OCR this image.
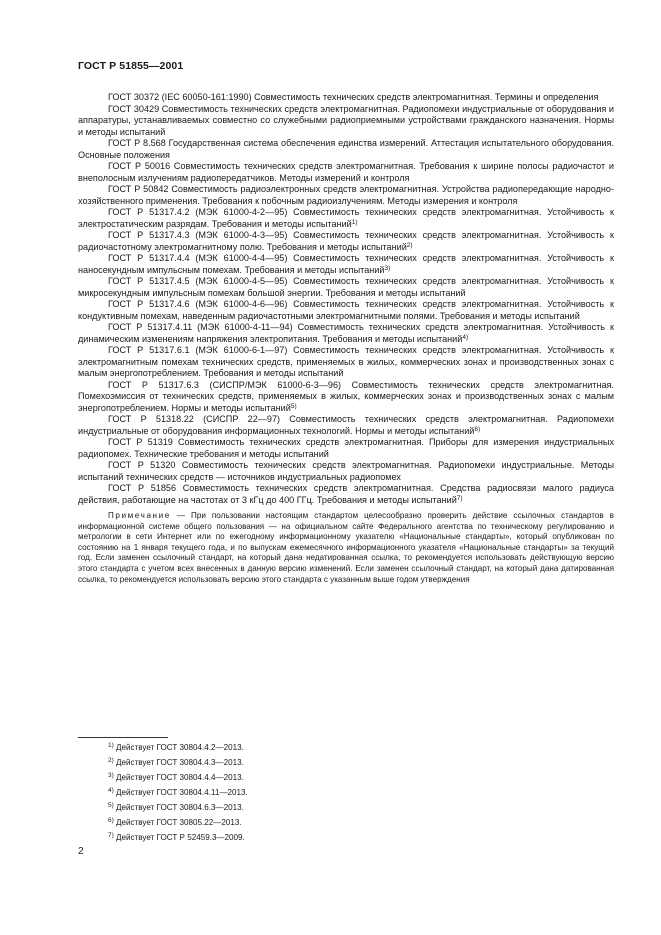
ГОСТ Р 51855—2001

ГОСТ 30372 (IEC 60050-161:1990) Совместимость технических средств электромагнитная. Термины и определения

ГОСТ 30429 Совместимость технических средств электромагнитная. Радиопомехи индустриальные от оборудования и аппаратуры, устанавливаемых совместно со служебными радиоприемными устройствами гражданского назначения. Нормы и методы испытаний

ГОСТ Р 8.568 Государственная система обеспечения единства измерений. Аттестация испытательного оборудования. Основные положения

ГОСТ Р 50016 Совместимость технических средств электромагнитная. Требования к ширине полосы радиочастот и внеполосным излучениям радиопередатчиков. Методы измерений и контроля

ГОСТ Р 50842 Совместимость радиоэлектронных средств электромагнитная. Устройства радиопередающие народно-хозяйственного применения. Требования к побочным радиоизлучениям. Методы измерения и контроля

ГОСТ Р 51317.4.2 (МЭК 61000-4-2—95) Совместимость технических средств электромагнитная. Устойчивость к электростатическим разрядам. Требования и методы испытаний$^{1)}$

ГОСТ Р 51317.4.3 (МЭК 61000-4-3—95) Совместимость технических средств электромагнитная. Устойчивость к радиочастотному электромагнитному полю. Требования и методы испытаний$^{2)}$

ГОСТ Р 51317.4.4 (МЭК 61000-4-4—95) Совместимость технических средств электромагнитная. Устойчивость к наносекундным импульсным помехам. Требования и методы испытаний$^{3)}$

ГОСТ Р 51317.4.5 (МЭК 61000-4-5—95) Совместимость технических средств электромагнитная. Устойчивость к микросекундным импульсным помехам большой энергии. Требования и методы испытаний

ГОСТ Р 51317.4.6 (МЭК 61000-4-6—96) Совместимость технических средств электромагнитная. Устойчивость к кондуктивным помехам, наведенным радиочастотными электромагнитными полями. Требования и методы испытаний

ГОСТ Р 51317.4.11 (МЭК 61000-4-11—94) Совместимость технических средств электромагнитная. Устойчивость к динамическим изменениям напряжения электропитания. Требования и методы испытаний$^{4)}$

ГОСТ Р 51317.6.1 (МЭК 61000-6-1—97) Совместимость технических средств электромагнитная. Устойчивость к электромагнитным помехам технических средств, применяемых в жилых, коммерческих зонах и производственных зонах с малым энергопотреблением. Требования и методы испытаний

ГОСТ Р 51317.6.3 (СИСПР/МЭК 61000-6-3—96) Совместимость технических средств электромагнитная. Помехоэмиссия от технических средств, применяемых в жилых, коммерческих зонах и производственных зонах с малым энергопотреблением. Нормы и методы испытаний$^{5)}$

ГОСТ Р 51318.22 (СИСПР 22—97) Совместимость технических средств электромагнитная. Радиопомехи индустриальные от оборудования информационных технологий. Нормы и методы испытаний$^{6)}$

ГОСТ Р 51319 Совместимость технических средств электромагнитная. Приборы для измерения индустриальных радиопомех. Технические требования и методы испытаний

ГОСТ Р 51320 Совместимость технических средств электромагнитная. Радиопомехи индустриальные. Методы испытаний технических средств — источников индустриальных радиопомех

ГОСТ Р 51856 Совместимость технических средств электромагнитная. Средства радиосвязи малого радиуса действия, работающие на частотах от 3 кГц до 400 ГГц. Требования и методы испытаний$^{7)}$

Примечание — При пользовании настоящим стандартом целесообразно проверить действие ссылочных стандартов в информационной системе общего пользования — на официальном сайте Федерального агентства по техническому регулированию и метрологии в сети Интернет или по ежегодному информационному указателю «Национальные стандарты», который опубликован по состоянию на 1 января текущего года, и по выпускам ежемесячного информационного указателя «Национальные стандарты» за текущий год. Если заменен ссылочный стандарт, на который дана недатированная ссылка, то рекомендуется использовать действующую версию этого стандарта с учетом всех внесенных в данную версию изменений. Если заменен ссылочный стандарт, на который дана датированная ссылка, то рекомендуется использовать версию этого стандарта с указанным выше годом утверждения

$^{1)}$ Действует ГОСТ 30804.4.2—2013.

$^{2)}$ Действует ГОСТ 30804.4.3—2013.

$^{3)}$ Действует ГОСТ 30804.4.4—2013.

$^{4)}$ Действует ГОСТ 30804.4.11—2013.

$^{5)}$ Действует ГОСТ 30804.6.3—2013.

$^{6)}$ Действует ГОСТ 30805.22—2013.

$^{7)}$ Действует ГОСТ Р 52459.3—2009.

2
